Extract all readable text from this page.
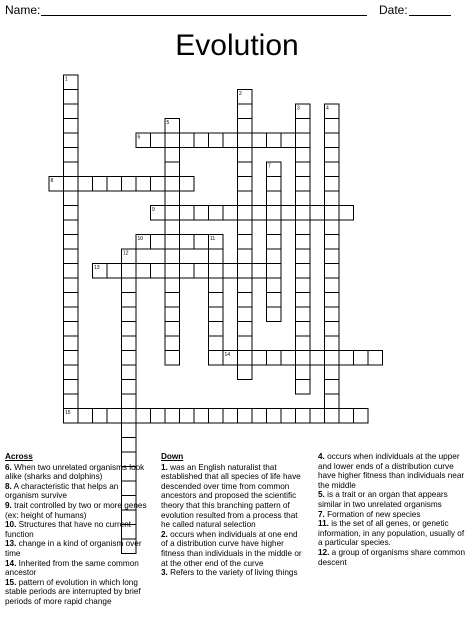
Name:	Date:
Evolution
1
2
3	4
5
6
7
8
9
10	11
12
13
14
15
Across
6. When two unrelated organisms look alike (sharks and dolphins)
8. A characteristic that helps an organism survive
9. trait controlled by two or more genes (ex: height of humans)
10. Structures that have no current function
13. change in a kind of organism over time
14. Inherited from the same common ancestor
15. pattern of evolution in which long stable periods are interrupted by brief periods of more rapid change
Down
1. was an English naturalist that established that all species of life have descended over time from common ancestors and proposed the scientific theory that this branching pattern of evolution resulted from a process that he called natural selection
2. occurs when individuals at one end of a distribution curve have higher fitness than individuals in the middle or at the other end of the curve
3. Refers to the variety of living things
4. occurs when individuals at the upper and lower ends of a distribution curve have higher fitness than individuals near the middle
5. is a trait or an organ that appears similar in two unrelated organisms
7. Formation of new species
11. is the set of all genes, or genetic information, in any population, usually of a particular species.
12. a group of organisms share common descent
